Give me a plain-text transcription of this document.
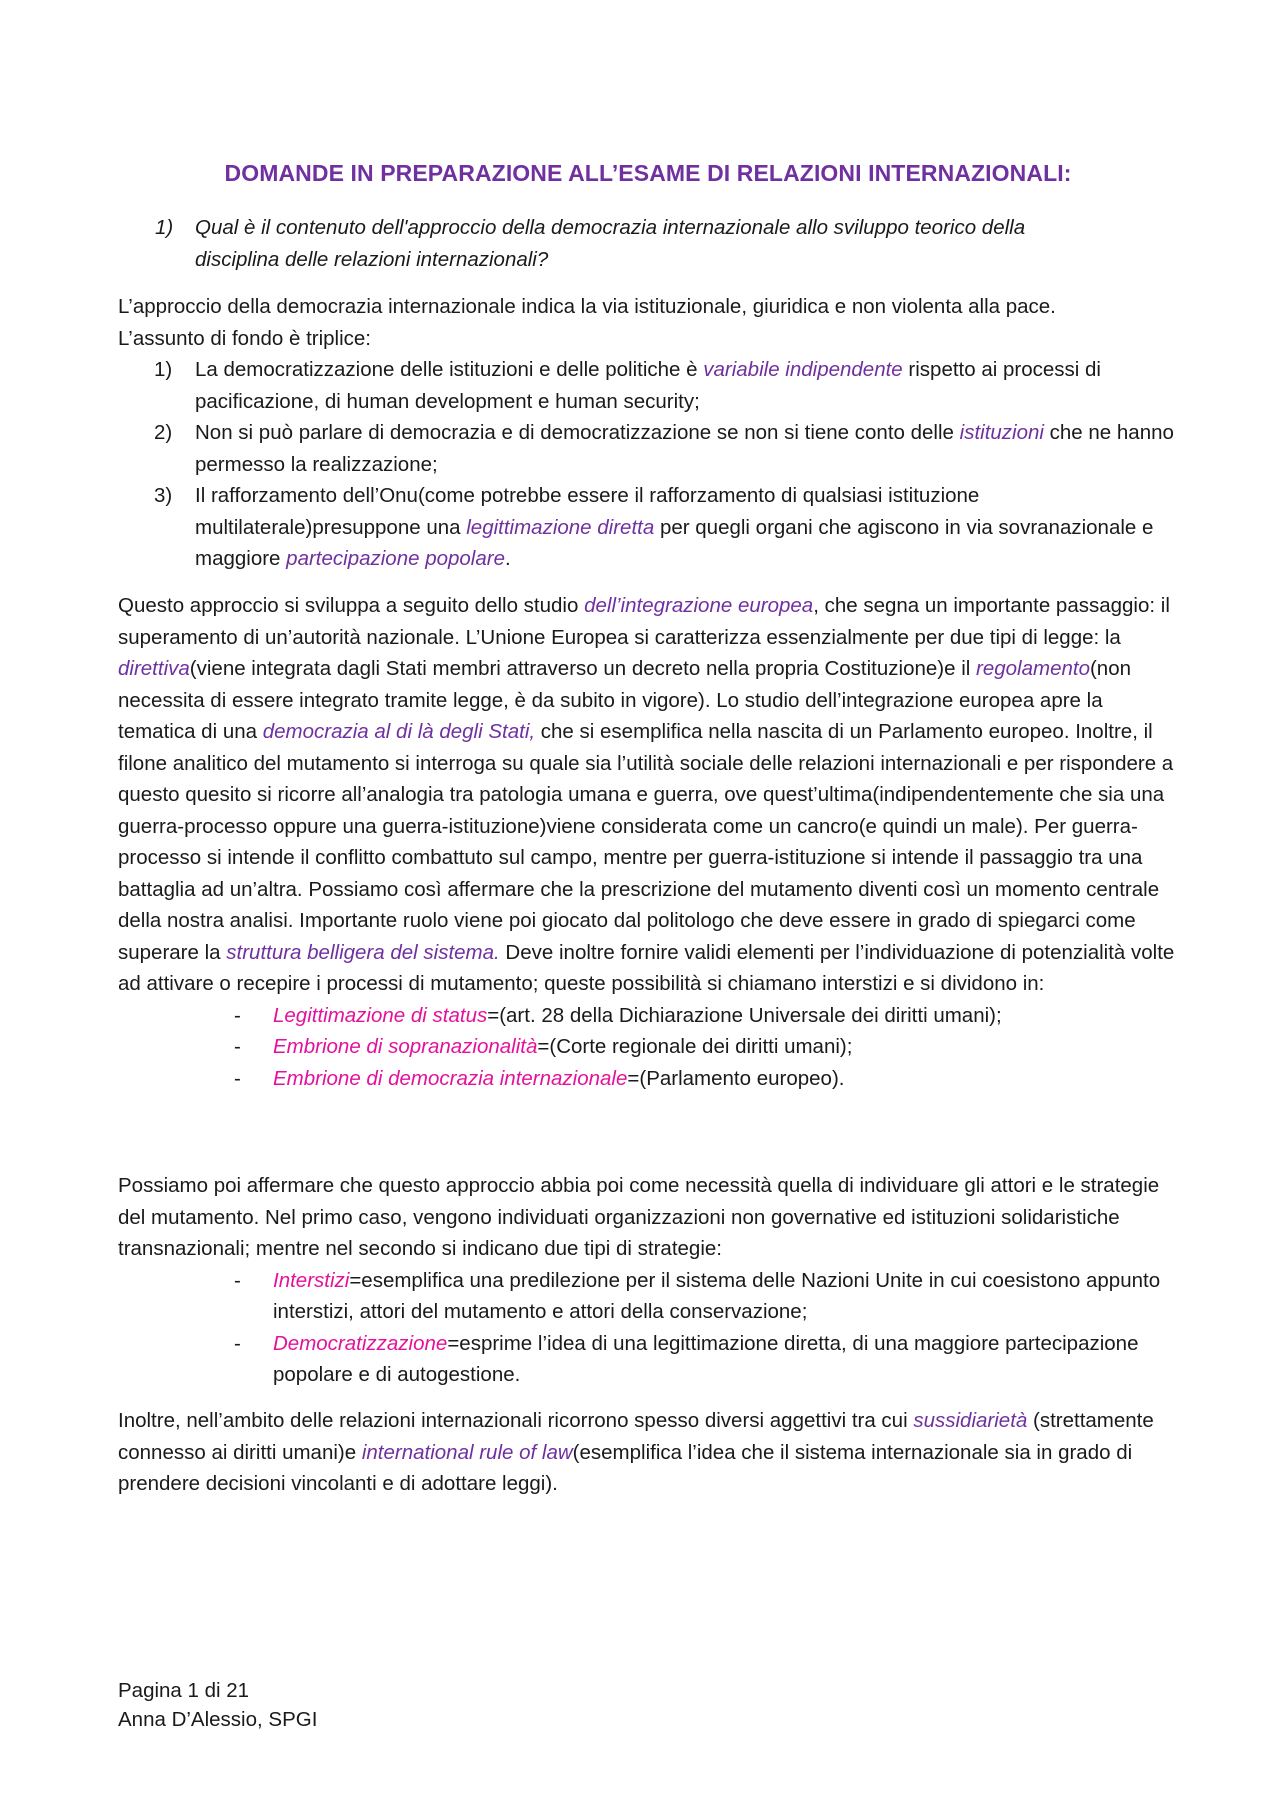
DOMANDE IN PREPARAZIONE ALL’ESAME DI RELAZIONI INTERNAZIONALI:
1) Qual è il contenuto dell'approccio della democrazia internazionale allo sviluppo teorico della disciplina delle relazioni internazionali?
L’approccio della democrazia internazionale indica la via istituzionale, giuridica e non violenta alla pace.
L’assunto di fondo è triplice:
1) La democratizzazione delle istituzioni e delle politiche è variabile indipendente rispetto ai processi di pacificazione, di human development e human security;
2) Non si può parlare di democrazia e di democratizzazione se non si tiene conto delle istituzioni che ne hanno permesso la realizzazione;
3) Il rafforzamento dell’Onu(come potrebbe essere il rafforzamento di qualsiasi istituzione multilaterale)presuppone una legittimazione diretta per quegli organi che agiscono in via sovranazionale e maggiore partecipazione popolare.
Questo approccio si sviluppa a seguito dello studio dell’integrazione europea, che segna un importante passaggio: il superamento di un’autorità nazionale. L’Unione Europea si caratterizza essenzialmente per due tipi di legge: la direttiva(viene integrata dagli Stati membri attraverso un decreto nella propria Costituzione)e il regolamento(non necessita di essere integrato tramite legge, è da subito in vigore). Lo studio dell’integrazione europea apre la tematica di una democrazia al di là degli Stati, che si esemplifica nella nascita di un Parlamento europeo. Inoltre, il filone analitico del mutamento si interroga su quale sia l’utilità sociale delle relazioni internazionali e per rispondere a questo quesito si ricorre all’analogia tra patologia umana e guerra, ove quest’ultima(indipendentemente che sia una guerra-processo oppure una guerra-istituzione)viene considerata come un cancro(e quindi un male). Per guerra-processo si intende il conflitto combattuto sul campo, mentre per guerra-istituzione si intende il passaggio tra una battaglia ad un’altra. Possiamo così affermare che la prescrizione del mutamento diventi così un momento centrale della nostra analisi. Importante ruolo viene poi giocato dal politologo che deve essere in grado di spiegarci come superare la struttura belligera del sistema. Deve inoltre fornire validi elementi per l’individuazione di potenzialità volte ad attivare o recepire i processi di mutamento; queste possibilità si chiamano interstizi e si dividono in:
- Legittimazione di status=(art. 28 della Dichiarazione Universale dei diritti umani);
- Embrione di sopranazionalità=(Corte regionale dei diritti umani);
- Embrione di democrazia internazionale=(Parlamento europeo).
Possiamo poi affermare che questo approccio abbia poi come necessità quella di individuare gli attori e le strategie del mutamento. Nel primo caso, vengono individuati organizzazioni non governative ed istituzioni solidaristiche transnazionali; mentre nel secondo si indicano due tipi di strategie:
- Interstizi=esemplifica una predilezione per il sistema delle Nazioni Unite in cui coesistono appunto interstizi, attori del mutamento e attori della conservazione;
- Democratizzazione=esprime l’idea di una legittimazione diretta, di una maggiore partecipazione popolare e di autogestione.
Inoltre, nell’ambito delle relazioni internazionali ricorrono spesso diversi aggettivi tra cui sussidiarietà (strettamente connesso ai diritti umani)e international rule of law(esemplifica l’idea che il sistema internazionale sia in grado di prendere decisioni vincolanti e di adottare leggi).
Pagina 1 di 21
Anna D’Alessio, SPGI
